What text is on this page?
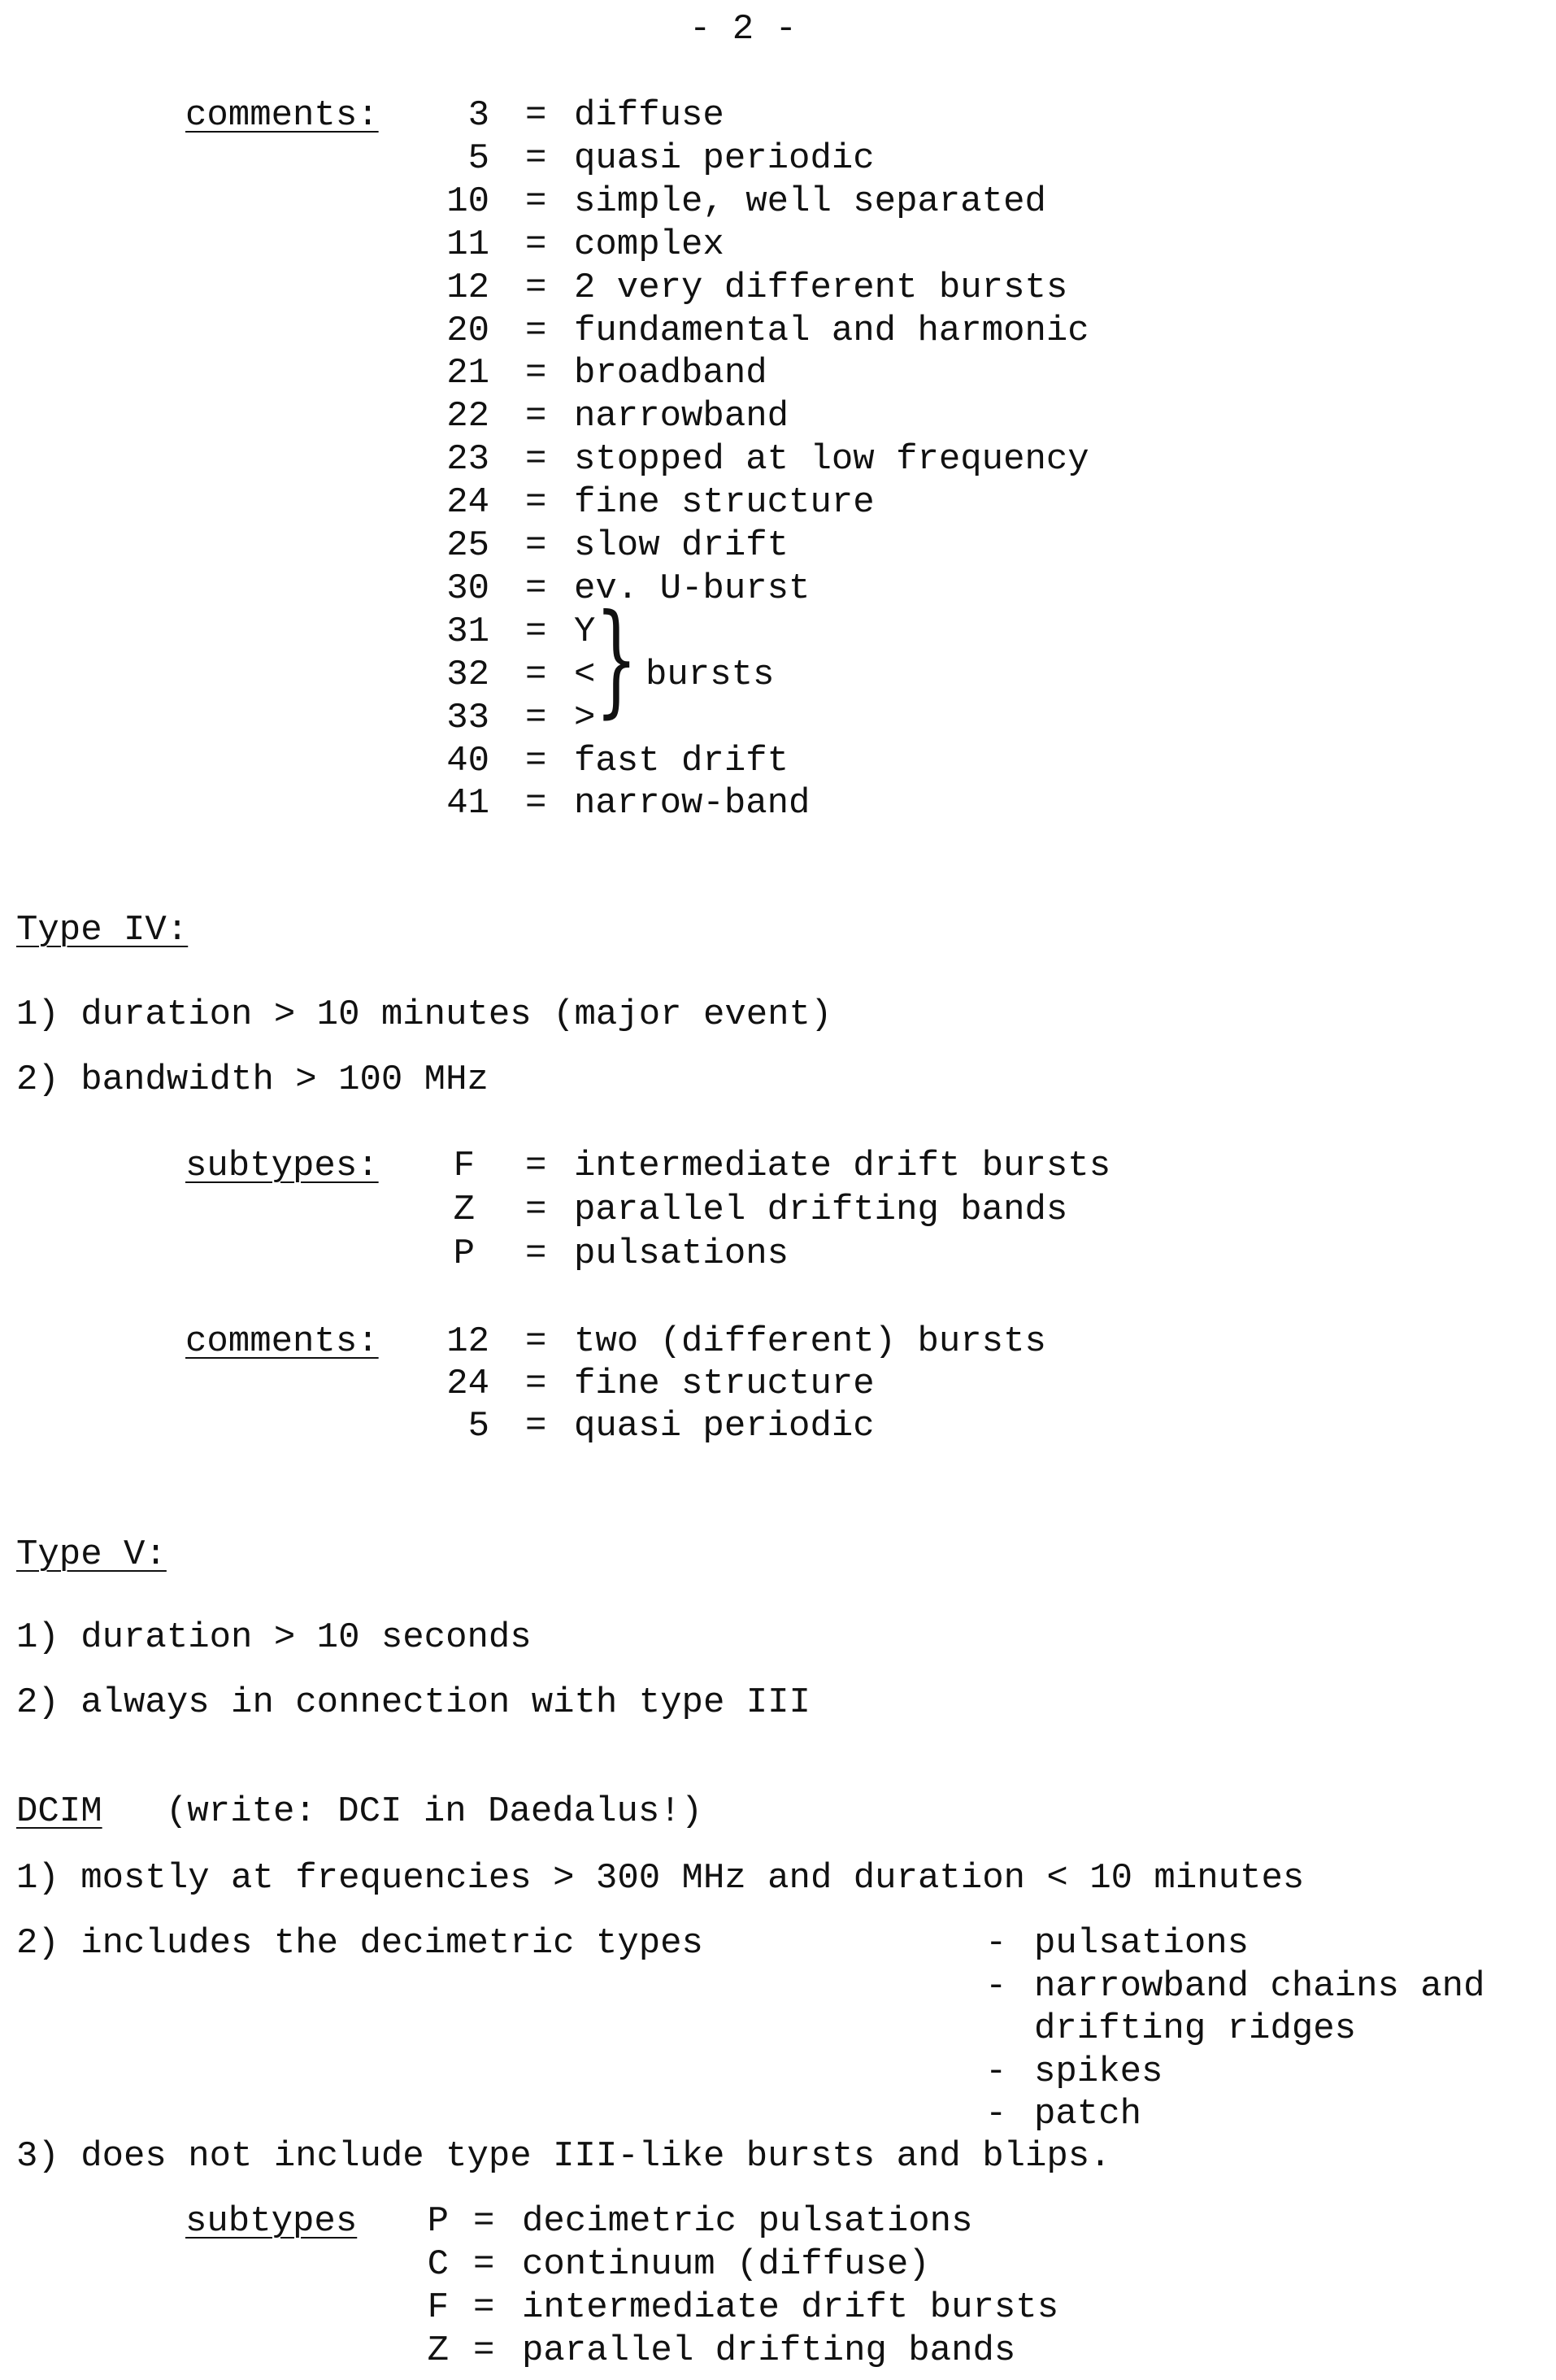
- 2 -
comments:	3 = diffuse
5 = quasi periodic
10 = simple, well separated
11 = complex
12 = 2 very different bursts
20 = fundamental and harmonic
21 = broadband
22 = narrowband
23 = stopped at low frequency
24 = fine structure
25 = slow drift
30 = ev. U-burst
31 = Y
32 = <
33 = >
40 = fast drift
41 = narrow-band
} bursts
Type IV:
1) duration > 10 minutes (major event)
2) bandwidth > 100 MHz
subtypes: F = intermediate drift bursts
Z = parallel drifting bands
P = pulsations
comments: 12 = two (different) bursts
24 = fine structure
5 = quasi periodic
Type V:
1) duration > 10 seconds
2) always in connection with type III
DCIM (write: DCI in Daedalus!)
1) mostly at frequencies > 300 MHz and duration < 10 minutes
2) includes the decimetric types	- pulsations
- narrowband chains and
drifting ridges
- spikes
- patch
3) does not include type III-like bursts and blips.
subtypes P = decimetric pulsations
C = continuum (diffuse)
F = intermediate drift bursts
Z = parallel drifting bands
